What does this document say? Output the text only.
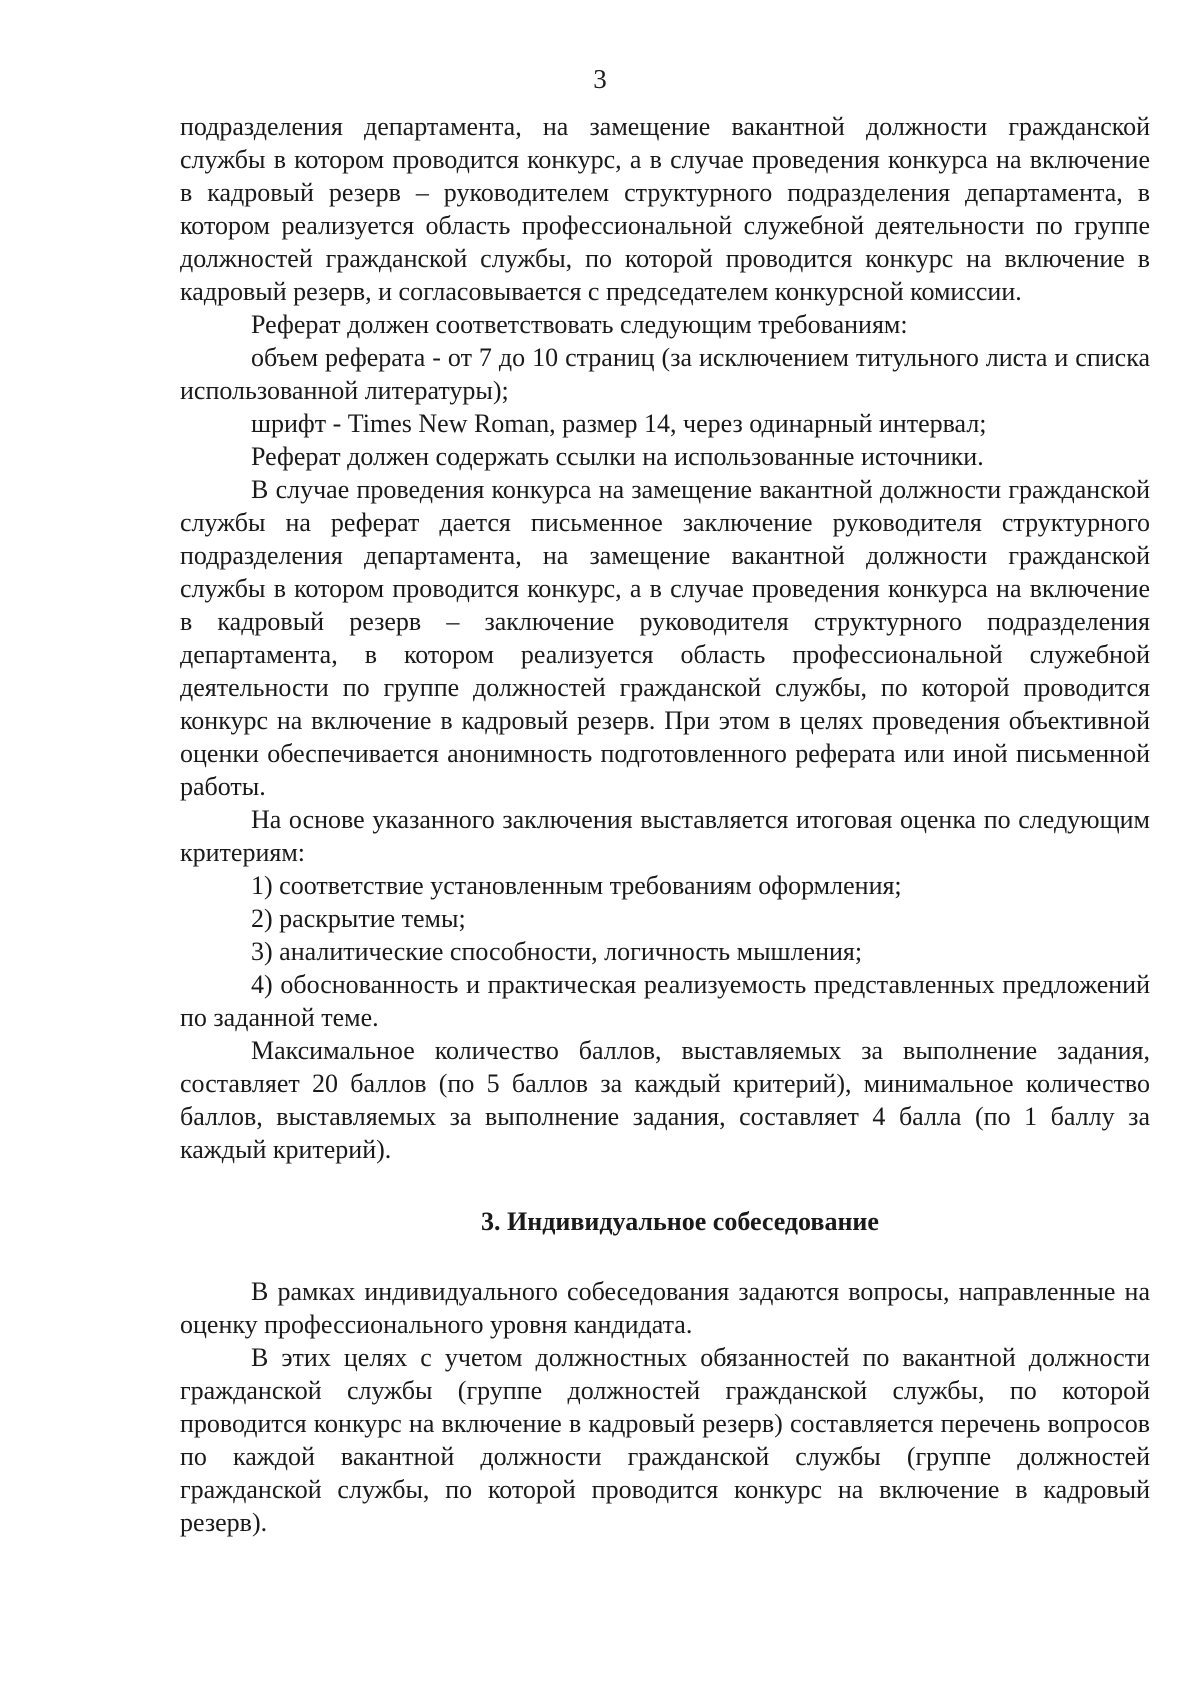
3

подразделения департамента, на замещение вакантной должности гражданской службы в котором проводится конкурс, а в случае проведения конкурса на включение в кадровый резерв – руководителем структурного подразделения департамента, в котором реализуется область профессиональной служебной деятельности по группе должностей гражданской службы, по которой проводится конкурс на включение в кадровый резерв, и согласовывается с председателем конкурсной комиссии.

Реферат должен соответствовать следующим требованиям:

объем реферата - от 7 до 10 страниц (за исключением титульного листа и списка использованной литературы);

шрифт - Times New Roman, размер 14, через одинарный интервал;

Реферат должен содержать ссылки на использованные источники.

В случае проведения конкурса на замещение вакантной должности гражданской службы на реферат дается письменное заключение руководителя структурного подразделения департамента, на замещение вакантной должности гражданской службы в котором проводится конкурс, а в случае проведения конкурса на включение в кадровый резерв – заключение руководителя структурного подразделения департамента, в котором реализуется область профессиональной служебной деятельности по группе должностей гражданской службы, по которой проводится конкурс на включение в кадровый резерв. При этом в целях проведения объективной оценки обеспечивается анонимность подготовленного реферата или иной письменной работы.

На основе указанного заключения выставляется итоговая оценка по следующим критериям:

1) соответствие установленным требованиям оформления;

2) раскрытие темы;

3) аналитические способности, логичность мышления;

4) обоснованность и практическая реализуемость представленных предложений по заданной теме.

Максимальное количество баллов, выставляемых за выполнение задания, составляет 20 баллов (по 5 баллов за каждый критерий), минимальное количество баллов, выставляемых за выполнение задания, составляет 4 балла (по 1 баллу за каждый критерий).

3. Индивидуальное собеседование

В рамках индивидуального собеседования задаются вопросы, направленные на оценку профессионального уровня кандидата.

В этих целях с учетом должностных обязанностей по вакантной должности гражданской службы (группе должностей гражданской службы, по которой проводится конкурс на включение в кадровый резерв) составляется перечень вопросов по каждой вакантной должности гражданской службы (группе должностей гражданской службы, по которой проводится конкурс на включение в кадровый резерв).
